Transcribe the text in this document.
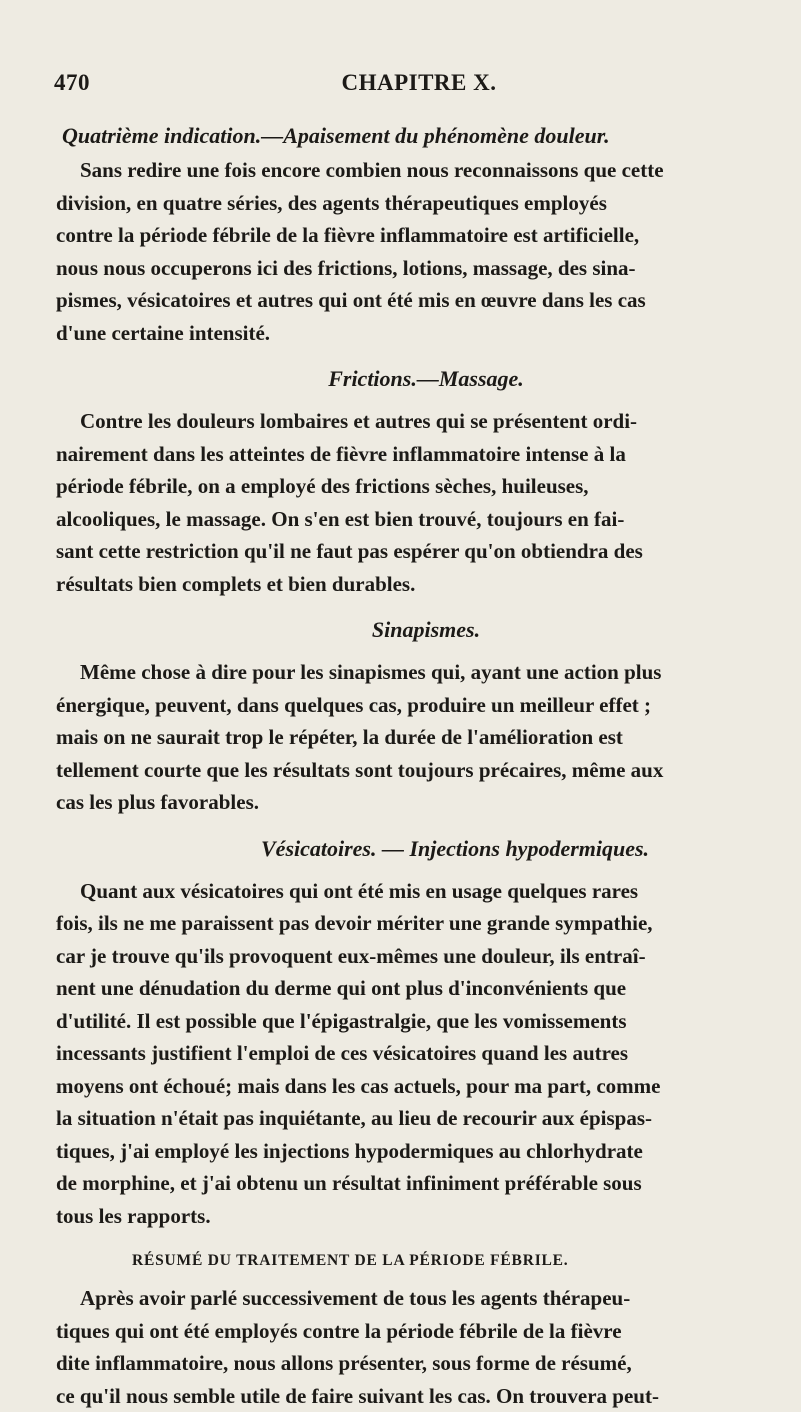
470	CHAPITRE X.
Quatrième indication.—Apaisement du phénomène douleur.
Sans redire une fois encore combien nous reconnaissons que cette
division, en quatre séries, des agents thérapeutiques employés
contre la période fébrile de la fièvre inflammatoire est artificielle,
nous nous occuperons ici des frictions, lotions, massage, des sina-
pismes, vésicatoires et autres qui ont été mis en œuvre dans les cas
d'une certaine intensité.
Frictions.—Massage.
Contre les douleurs lombaires et autres qui se présentent ordi-
nairement dans les atteintes de fièvre inflammatoire intense à la
période fébrile, on a employé des frictions sèches, huileuses,
alcooliques, le massage. On s'en est bien trouvé, toujours en fai-
sant cette restriction qu'il ne faut pas espérer qu'on obtiendra des
résultats bien complets et bien durables.
Sinapismes.
Même chose à dire pour les sinapismes qui, ayant une action plus
énergique, peuvent, dans quelques cas, produire un meilleur effet ;
mais on ne saurait trop le répéter, la durée de l'amélioration est
tellement courte que les résultats sont toujours précaires, même aux
cas les plus favorables.
Vésicatoires. — Injections hypodermiques.
Quant aux vésicatoires qui ont été mis en usage quelques rares
fois, ils ne me paraissent pas devoir mériter une grande sympathie,
car je trouve qu'ils provoquent eux-mêmes une douleur, ils entraî-
nent une dénudation du derme qui ont plus d'inconvénients que
d'utilité. Il est possible que l'épigastralgie, que les vomissements
incessants justifient l'emploi de ces vésicatoires quand les autres
moyens ont échoué; mais dans les cas actuels, pour ma part, comme
la situation n'était pas inquiétante, au lieu de recourir aux épispas-
tiques, j'ai employé les injections hypodermiques au chlorhydrate
de morphine, et j'ai obtenu un résultat infiniment préférable sous
tous les rapports.
RÉSUMÉ DU TRAITEMENT DE LA PÉRIODE FÉBRILE.
Après avoir parlé successivement de tous les agents thérapeu-
tiques qui ont été employés contre la période fébrile de la fièvre
dite inflammatoire, nous allons présenter, sous forme de résumé,
ce qu'il nous semble utile de faire suivant les cas. On trouvera peut-
